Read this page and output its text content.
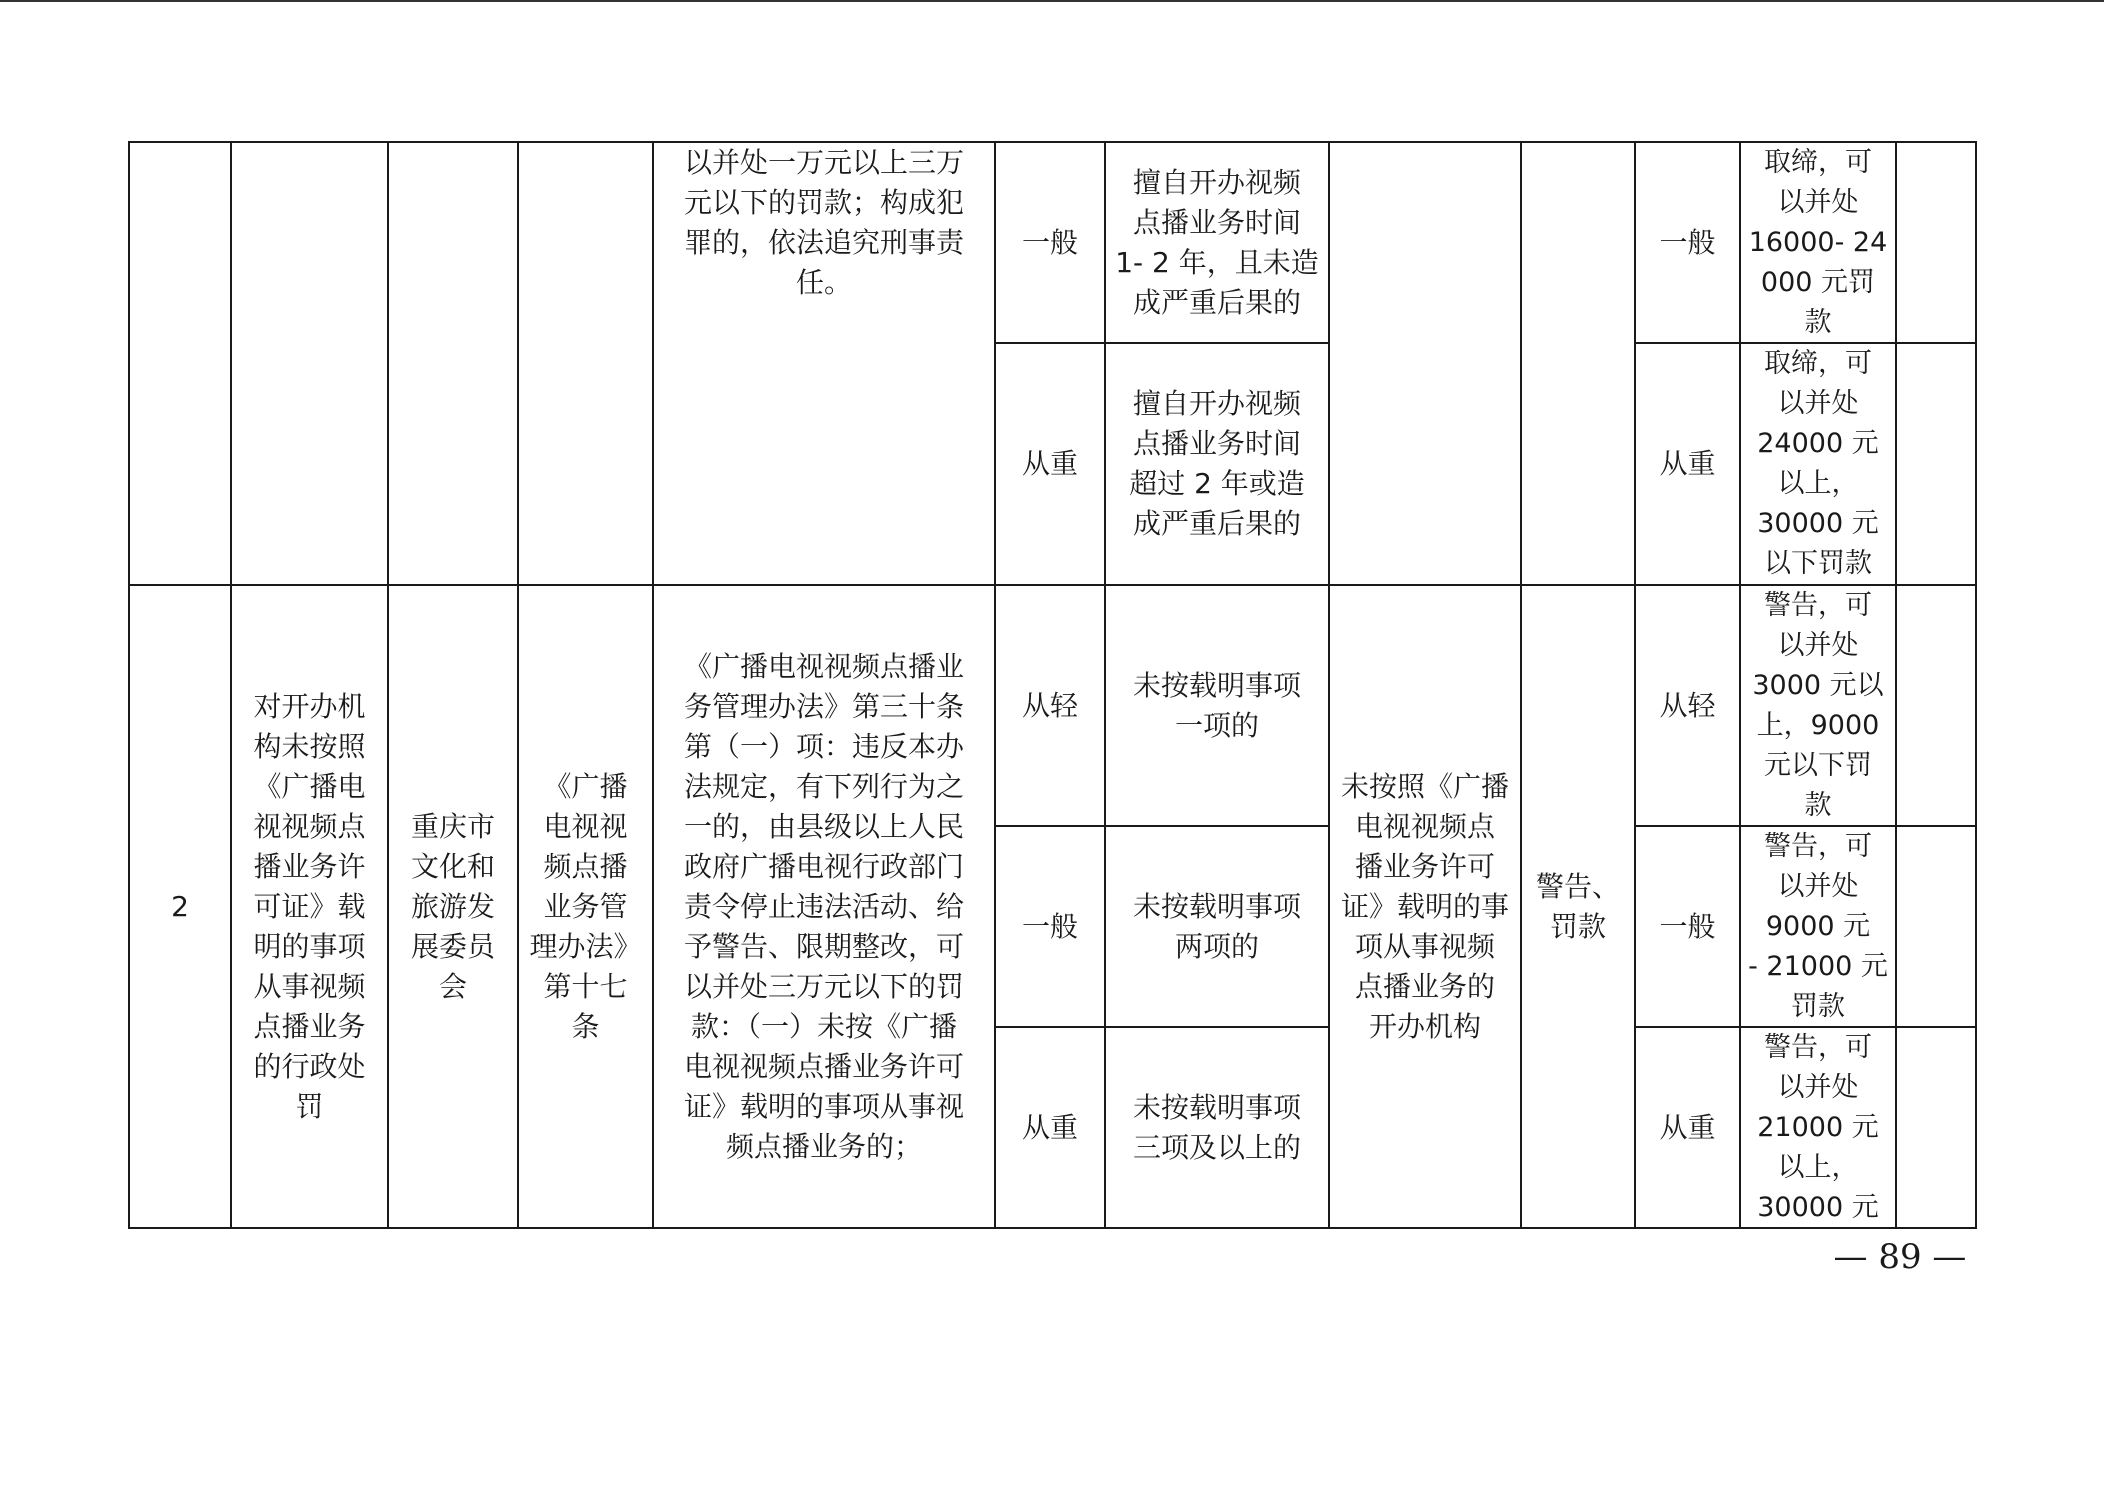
以并处一万元以上三万
元以下的罚款；构成犯
罪的，依法追究刑事责
任。
一般
擅自开办视频
点播业务时间
1- 2 年，且未造
成严重后果的
从重
擅自开办视频
点播业务时间
超过 2 年或造
成严重后果的
一般
取缔，可
以并处
16000- 24
000 元罚
款
从重
取缔，可
以并处
24000 元
以上，
30000 元
以下罚款
2
对开办机
构未按照
《广播电
视视频点
播业务许
可证》载
明的事项
从事视频
点播业务
的行政处
罚
重庆市
文化和
旅游发
展委员
会
《广播
电视视
频点播
业务管
理办法》
第十七
条
《广播电视视频点播业
务管理办法》第三十条
第（一）项：违反本办
法规定，有下列行为之
一的，由县级以上人民
政府广播电视行政部门
责令停止违法活动、给
予警告、限期整改，可
以并处三万元以下的罚
款：（一）未按《广播
电视视频点播业务许可
证》载明的事项从事视
频点播业务的；
从轻
未按载明事项
一项的
一般
未按载明事项
两项的
从重
未按载明事项
三项及以上的
未按照《广播
电视视频点
播业务许可
证》载明的事
项从事视频
点播业务的
开办机构
警告、
罚款
从轻
警告，可
以并处
3000 元以
上，9000
元以下罚
款
一般
警告，可
以并处
9000 元
- 21000 元
罚款
从重
警告，可
以并处
21000 元
以上，
30000 元
— 89 —
